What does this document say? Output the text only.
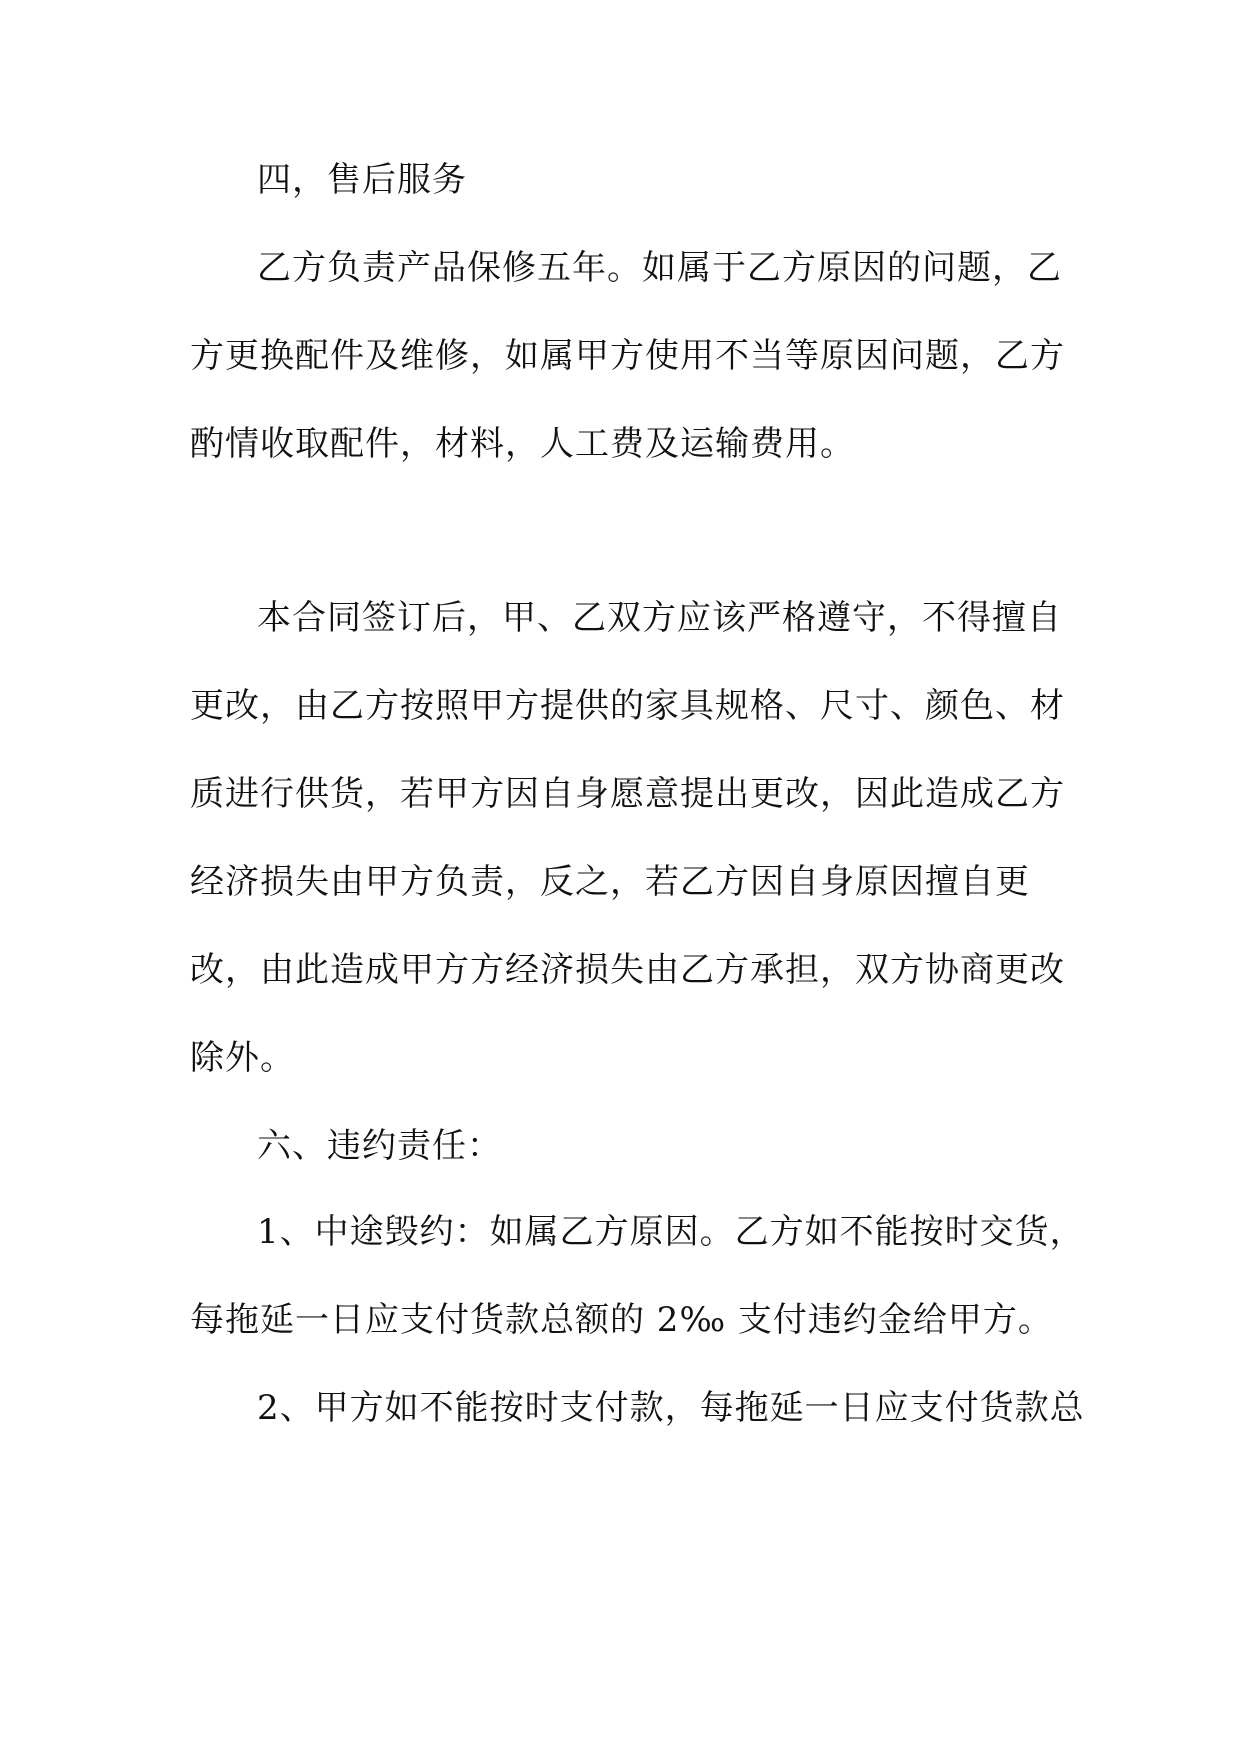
四，售后服务

乙方负责产品保修五年。如属于乙方原因的问题，乙

方更换配件及维修，如属甲方使用不当等原因问题，乙方

酌情收取配件，材料，人工费及运输费用。

本合同签订后，甲、乙双方应该严格遵守，不得擅自

更改，由乙方按照甲方提供的家具规格、尺寸、颜色、材

质进行供货，若甲方因自身愿意提出更改，因此造成乙方

经济损失由甲方负责，反之，若乙方因自身原因擅自更

改，由此造成甲方方经济损失由乙方承担，双方协商更改

除外。

六、违约责任：

1、中途毁约：如属乙方原因。乙方如不能按时交货，

每拖延一日应支付货款总额的 2‰ 支付违约金给甲方。

2、甲方如不能按时支付款，每拖延一日应支付货款总
